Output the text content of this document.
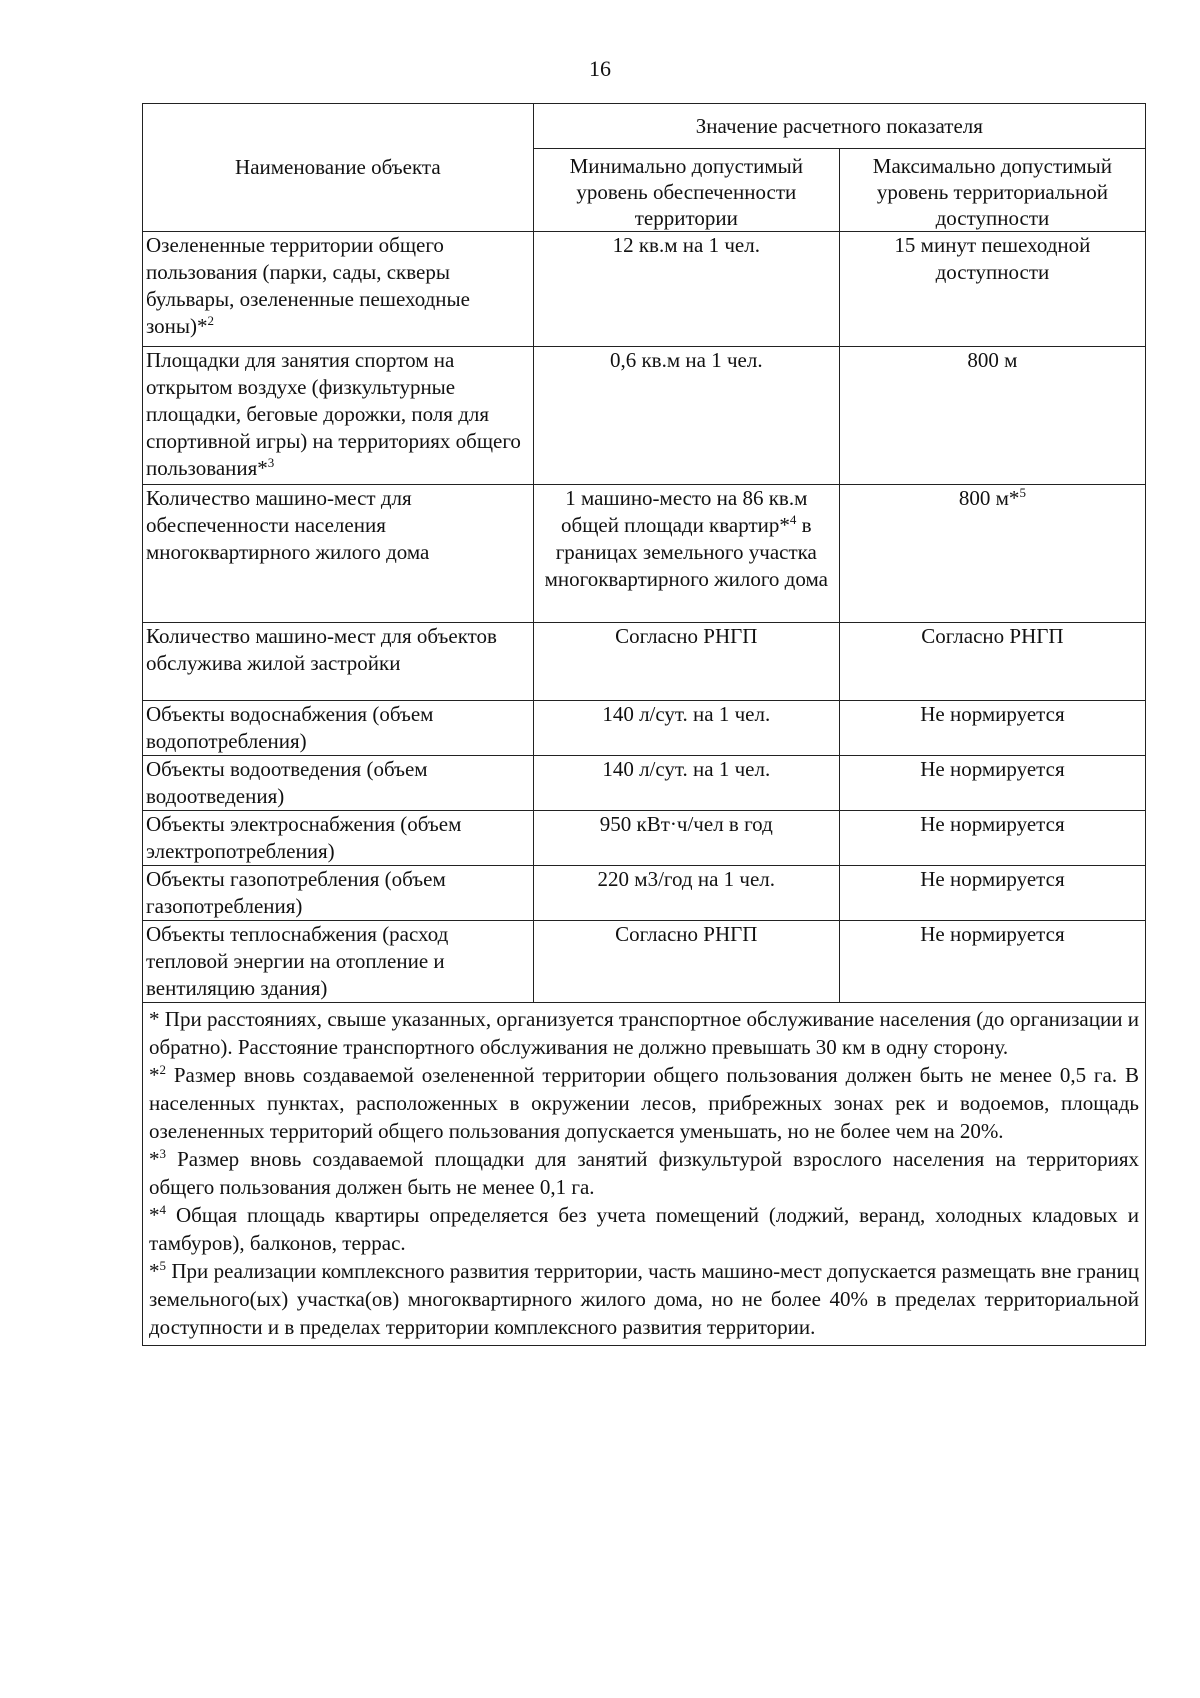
16
Наименование объекта	Значение расчетного показателя	
	Минимально допустимый уровень обеспеченности территории	Максимально допустимый уровень территориальной доступности
Озелененные территории общего пользования (парки, сады, скверы бульвары, озелененные пешеходные зоны)*$^2$	12 кв.м на 1 чел.	15 минут пешеходной доступности
Площадки для занятия спортом на открытом воздухе (физкультурные площадки, беговые дорожки, поля для спортивной игры) на территориях общего пользования*$^3$	0,6 кв.м на 1 чел.	800 м
Количество машино-мест для обеспеченности населения многоквартирного жилого дома	1 машино-место на 86 кв.м общей площади квартир*$^4$ в границах земельного участка многоквартирного жилого дома	800 м*$^5$
Количество машино-мест для объектов обслужива жилой застройки	Согласно РНГП	Согласно РНГП
Объекты водоснабжения (объем водопотребления)	140 л/сут. на 1 чел.	Не нормируется
Объекты водоотведения (объем водоотведения)	140 л/сут. на 1 чел.	Не нормируется
Объекты электроснабжения (объем электропотребления)	950 кВт·ч/чел в год	Не нормируется
Объекты газопотребления (объем газопотребления)	220 м3/год на 1 чел.	Не нормируется
Объекты теплоснабжения (расход тепловой энергии на отопление и вентиляцию здания)	Согласно РНГП	Не нормируется

* При расстояниях, свыше указанных, организуется транспортное обслуживание населения (до организации и обратно). Расстояние транспортного обслуживания не должно превышать 30 км в одну сторону.

*$^2$ Размер вновь создаваемой озелененной территории общего пользования должен быть не менее 0,5 га. В населенных пунктах, расположенных в окружении лесов, прибрежных зонах рек и водоемов, площадь озелененных территорий общего пользования допускается уменьшать, но не более чем на 20%.

*$^3$ Размер вновь создаваемой площадки для занятий физкультурой взрослого населения на территориях общего пользования должен быть не менее 0,1 га.

*$^4$ Общая площадь квартиры определяется без учета помещений (лоджий, веранд, холодных кладовых и тамбуров), балконов, террас.

*$^5$ При реализации комплексного развития территории, часть машино-мест допускается размещать вне границ земельного(ых) участка(ов) многоквартирного жилого дома, но не более 40% в пределах территориальной доступности и в пределах территории комплексного развития территории.		
